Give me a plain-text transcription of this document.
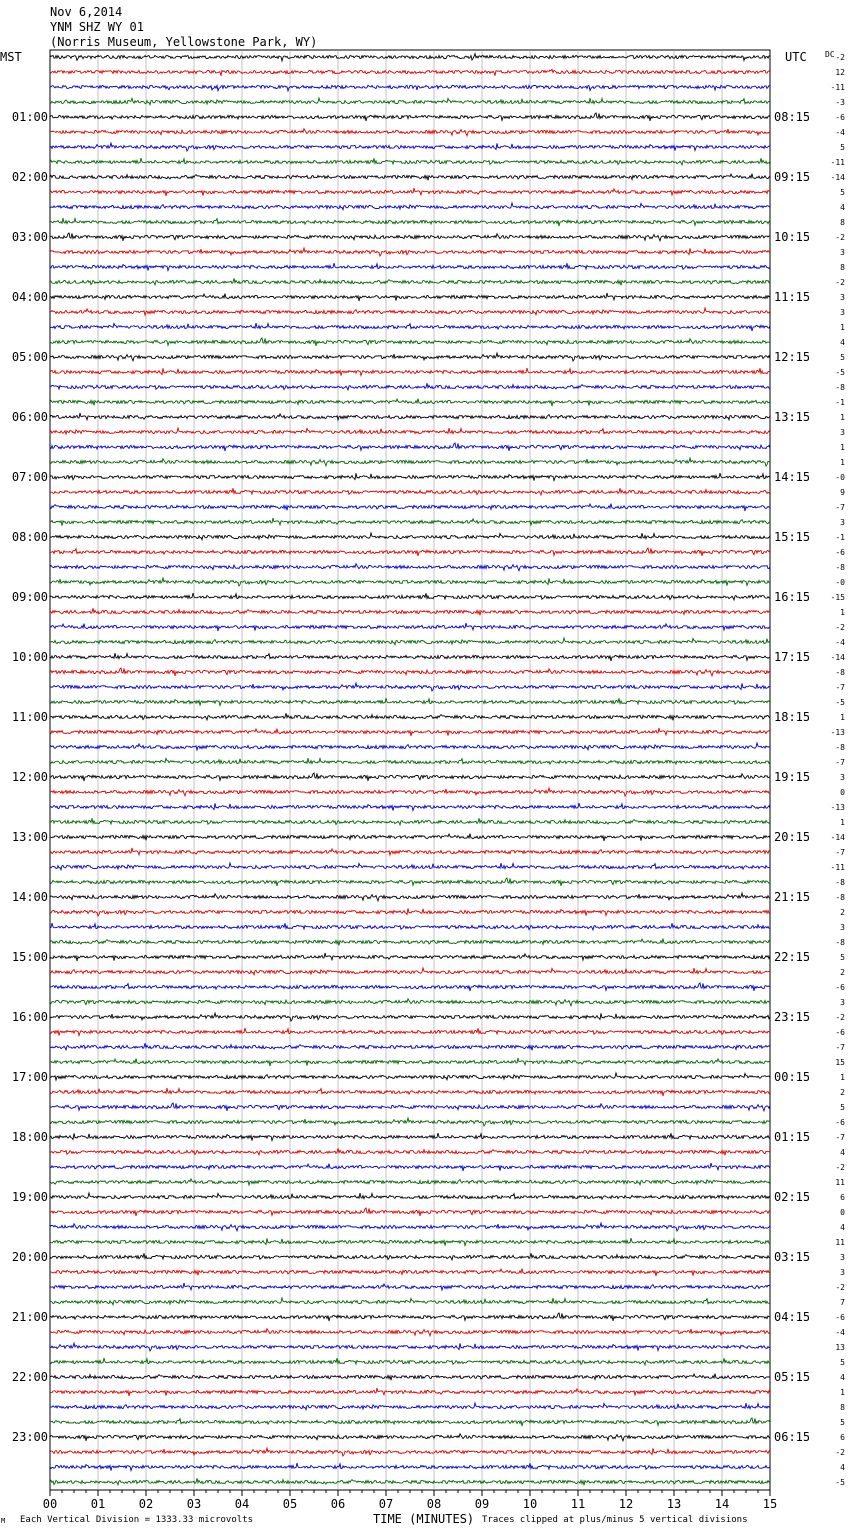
Nov 6,2014
YNM SHZ WY 01
(Norris Museum, Yellowstone Park, WY)
MST	UTC DC
01:00
02:00
03:00
04:00
05:00
06:00
07:00
08:00
09:00
10:00
11:00
12:00
13:00
14:00
15:00
16:00
17:00
18:00
19:00
20:00
21:00
22:00
23:00
08:15
09:15
10:15
11:15
12:15
13:15
14:15
15:15
16:15
17:15
18:15
19:15
20:15
21:15
22:15
23:15
00:15
01:15
02:15
03:15
04:15
05:15
06:15
-2
12
-11
-3
-6
-4
5
-11
-14
5
4
8
-2
3
8
-2
3
3
1
4
5
-5
-8
-1
1
3
1
1
-0
9
-7
3
-1
-6
-8
-0
-15
1
-2
-4
-14
-8
-7
-5
1
-13
-8
-7
3
0
-13
1
-14
-7
-11
-8
-8
2
3
-8
5
2
-6
3
-2
-6
-7
15
1
2
5
-6
-7
4
-2
11
6
0
4
11
3
3
-2
7
-6
-4
13
5
4
1
8
5
6
-2
4
-5
00	01	02	03	04	05	06	07	08	09	10	11	12	13	14	15
M Each Vertical Division = 1333.33 microvolts	TIME (MINUTES) Traces clipped at plus/minus 5 vertical divisions
